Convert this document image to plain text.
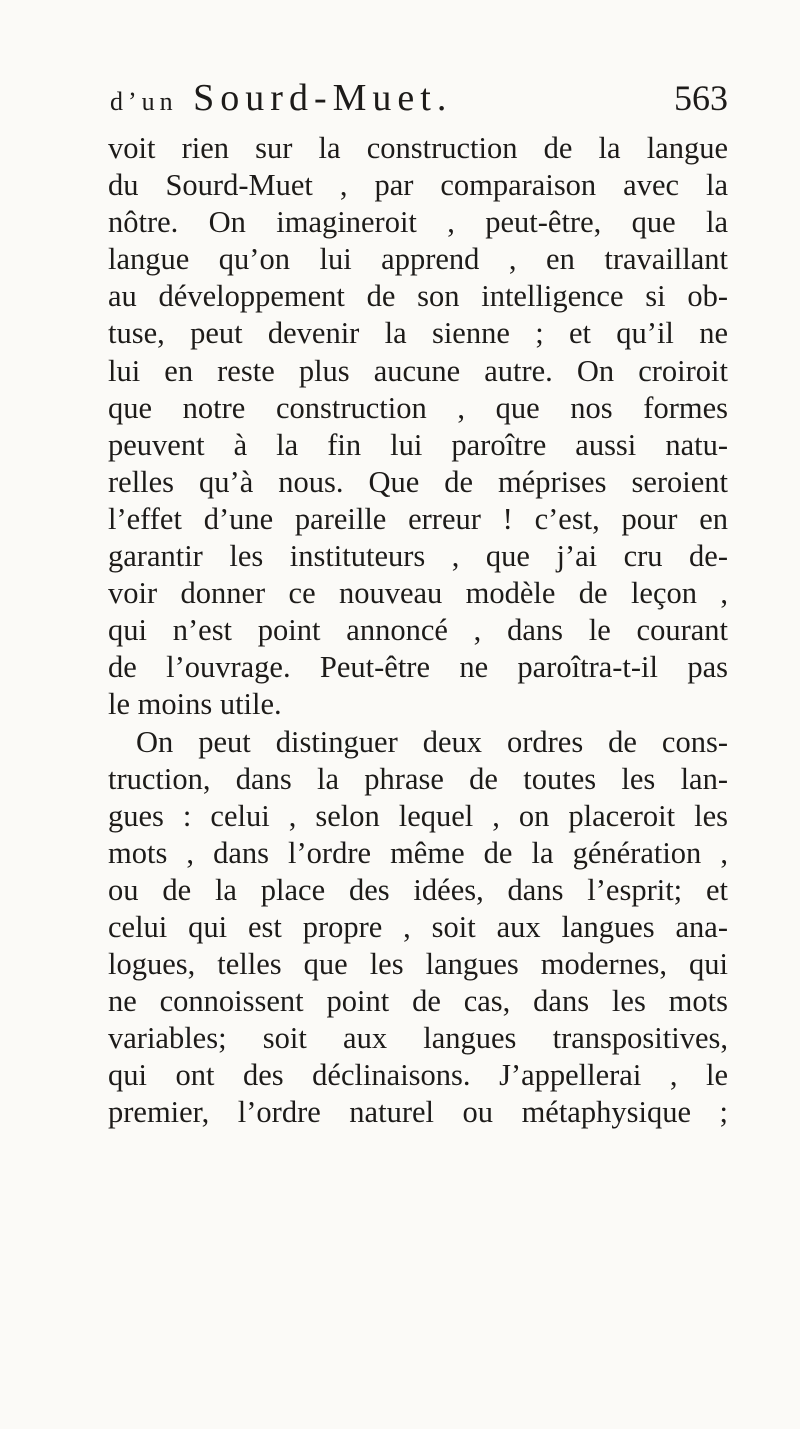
d’un Sourd-Muet.	563
voit rien sur la construction de la langue
du Sourd-Muet , par comparaison avec la
nôtre. On imagineroit , peut-être, que la
langue qu’on lui apprend , en travaillant
au développement de son intelligence si ob-
tuse, peut devenir la sienne ; et qu’il ne
lui en reste plus aucune autre. On croiroit
que notre construction , que nos formes
peuvent à la fin lui paroître aussi natu-
relles qu’à nous. Que de méprises seroient
l’effet d’une pareille erreur ! c’est, pour en
garantir les instituteurs , que j’ai cru de-
voir donner ce nouveau modèle de leçon ,
qui n’est point annoncé , dans le courant
de l’ouvrage. Peut-être ne paroîtra-t-il pas
le moins utile.
On peut distinguer deux ordres de cons-
truction, dans la phrase de toutes les lan-
gues : celui , selon lequel , on placeroit les
mots , dans l’ordre même de la génération ,
ou de la place des idées, dans l’esprit; et
celui qui est propre , soit aux langues ana-
logues, telles que les langues modernes, qui
ne connoissent point de cas, dans les mots
variables; soit aux langues transpositives,
qui ont des déclinaisons. J’appellerai , le
premier, l’ordre naturel ou métaphysique ;
